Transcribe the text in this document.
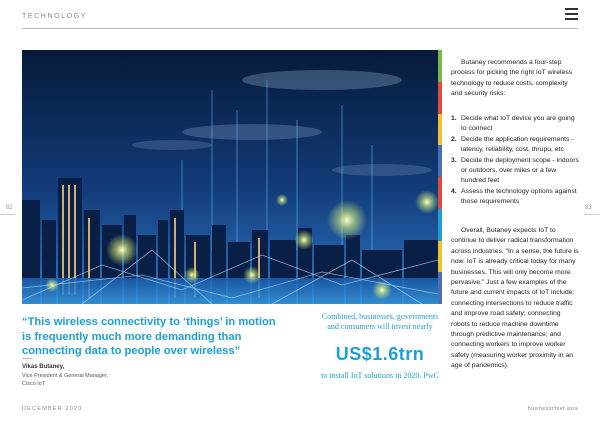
TECHNOLOGY
82	83
“This wireless connectivity to ‘things’ in motion is frequently much more demanding than connecting data to people over wireless”
Vikas Butaney,
Vice President & General Manager,
Cisco IoT
Combined, businesses, governments and consumers will invest nearly
US$1.6trn
to install IoT solutions in 2020. PwC
Butaney recommends a four-step process for picking the right IoT wireless technology to reduce costs, complexity and security risks:
1. Decide what IoT device you are going to connect
2. Decide the application requirements - latency, reliability, cost, thrupu, etc
3. Decide the deployment scope - indoors or outdoors, over miles or a few hundred feet
4. Assess the technology options against those requirements
Overall, Butaney expects IoT to continue to deliver radical transformation across industries. “In a sense, the future is now. IoT is already critical today for many businesses. This will only become more pervasive.” Just a few examples of the future and current impacts of IoT include: connecting intersections to reduce traffic and improve road safety; connecting robots to reduce machine downtime through predictive maintenance; and connecting workers to improve worker safety (measuring worker proximity in an age of pandemics).
DECEMBER 2020	businesschief.asia
